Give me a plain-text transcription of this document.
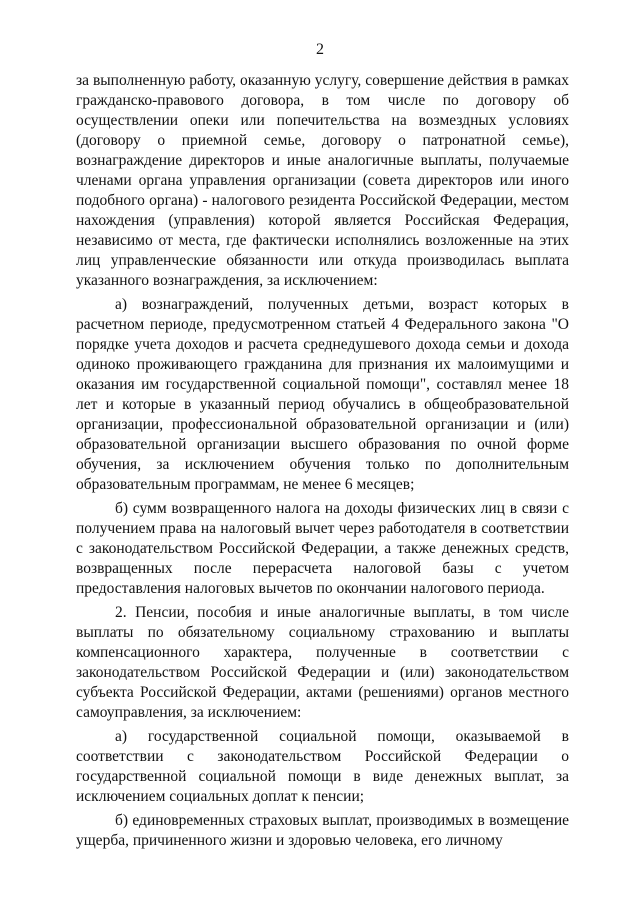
2

за выполненную работу, оказанную услугу, совершение действия в рамках гражданско-правового договора, в том числе по договору об осуществлении опеки или попечительства на возмездных условиях (договору о приемной семье, договору о патронатной семье), вознаграждение директоров и иные аналогичные выплаты, получаемые членами органа управления организации (совета директоров или иного подобного органа) - налогового резидента Российской Федерации, местом нахождения (управления) которой является Российская Федерация, независимо от места, где фактически исполнялись возложенные на этих лиц управленческие обязанности или откуда производилась выплата указанного вознаграждения, за исключением:

а) вознаграждений, полученных детьми, возраст которых в расчетном периоде, предусмотренном статьей 4 Федерального закона "О порядке учета доходов и расчета среднедушевого дохода семьи и дохода одиноко проживающего гражданина для признания их малоимущими и оказания им государственной социальной помощи", составлял менее 18 лет и которые в указанный период обучались в общеобразовательной организации, профессиональной образовательной организации и (или) образовательной организации высшего образования по очной форме обучения, за исключением обучения только по дополнительным образовательным программам, не менее 6 месяцев;

б) сумм возвращенного налога на доходы физических лиц в связи с получением права на налоговый вычет через работодателя в соответствии с законодательством Российской Федерации, а также денежных средств, возвращенных после перерасчета налоговой базы с учетом предоставления налоговых вычетов по окончании налогового периода.

2. Пенсии, пособия и иные аналогичные выплаты, в том числе выплаты по обязательному социальному страхованию и выплаты компенсационного характера, полученные в соответствии с законодательством Российской Федерации и (или) законодательством субъекта Российской Федерации, актами (решениями) органов местного самоуправления, за исключением:

а) государственной социальной помощи, оказываемой в соответствии с законодательством Российской Федерации о государственной социальной помощи в виде денежных выплат, за исключением социальных доплат к пенсии;

б) единовременных страховых выплат, производимых в возмещение ущерба, причиненного жизни и здоровью человека, его личному
